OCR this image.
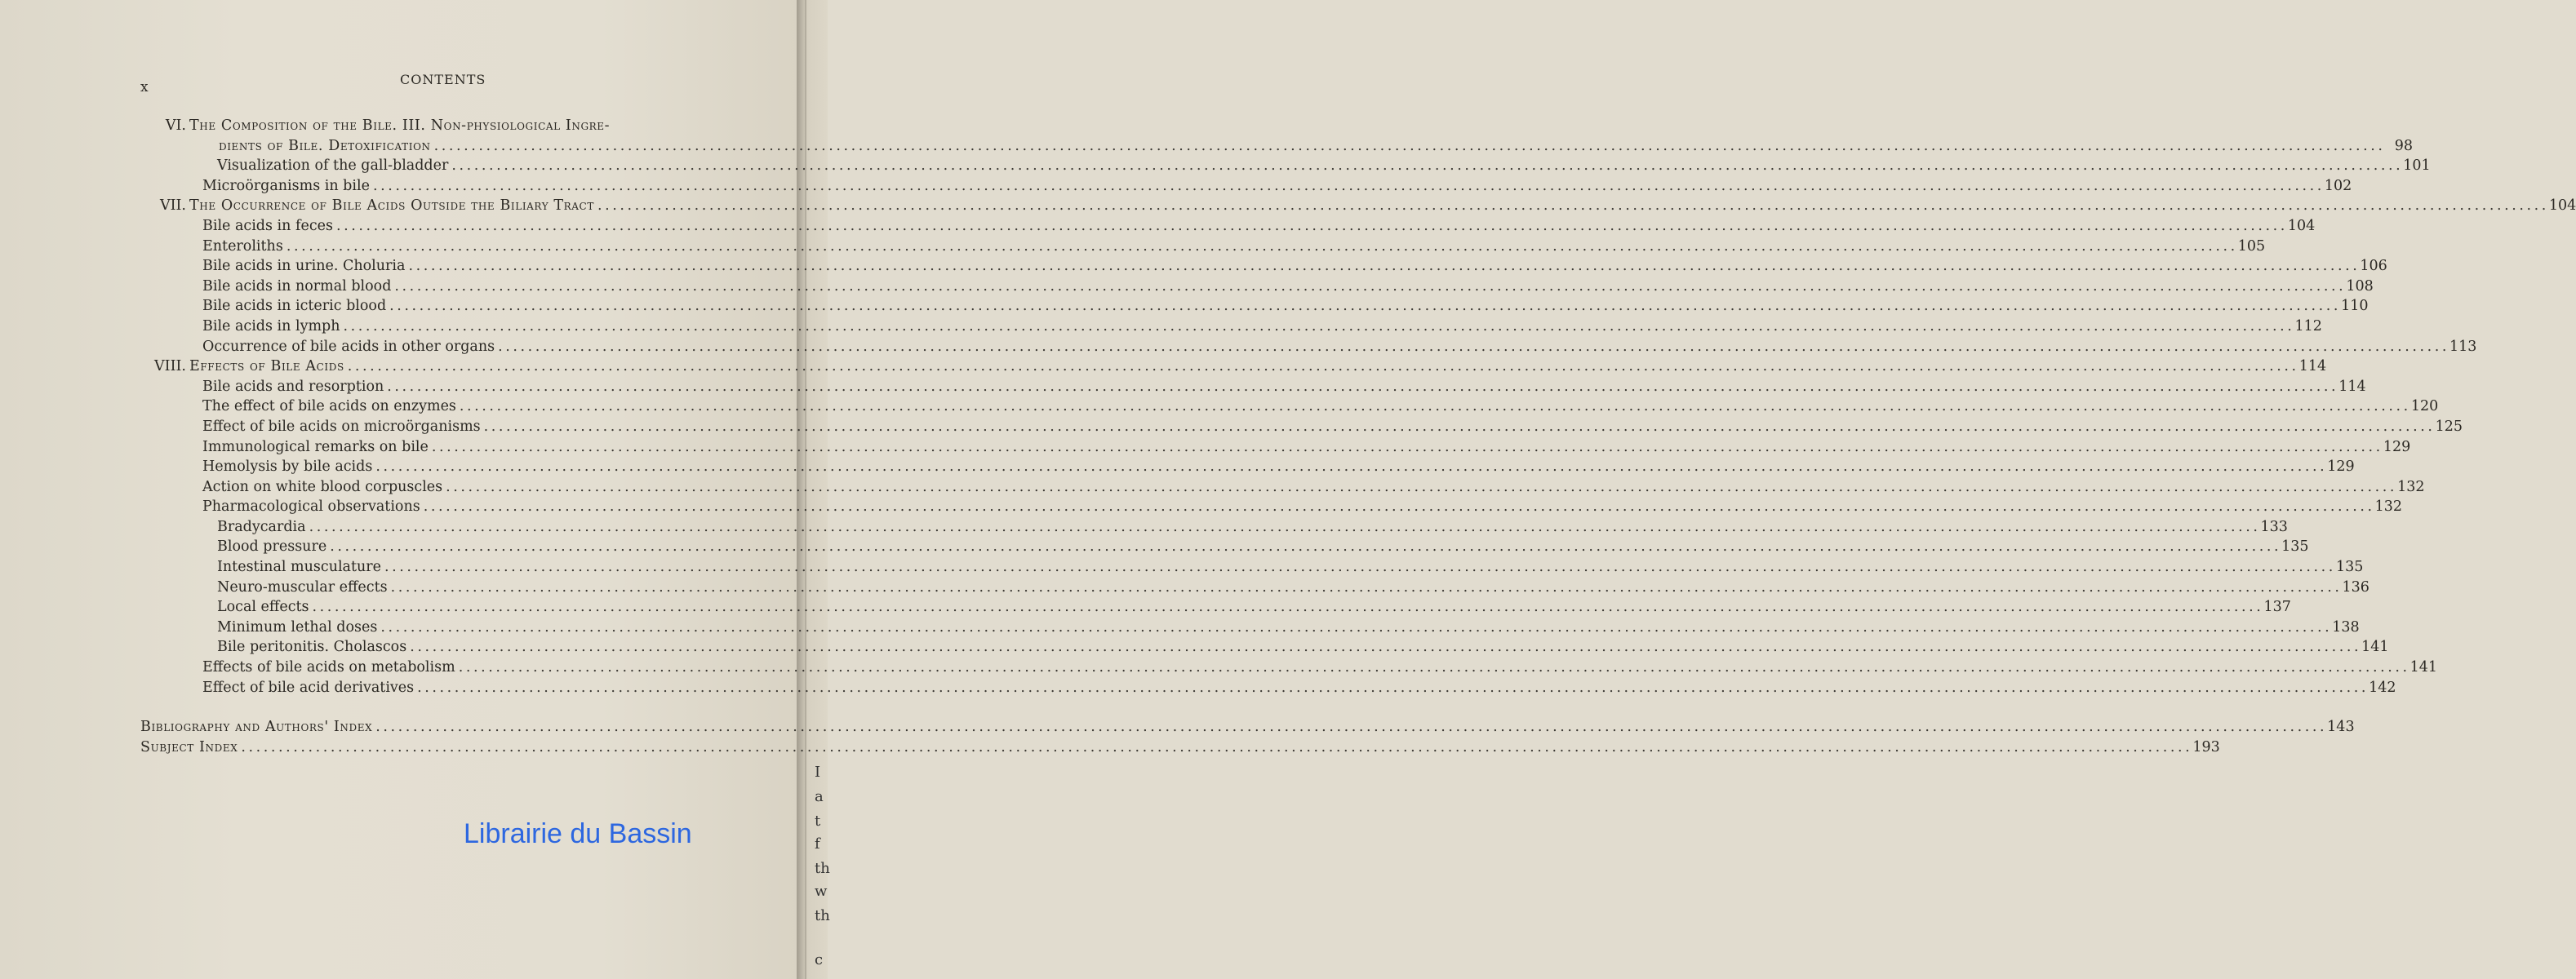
I
a
t
f
th
w
th
c
x	CONTENTS
VI. The Composition of the Bile. III. Non-physiological Ingre-
dients of Bile. Detoxification . . .	98
Visualization of the gall-bladder . . .	101
Microörganisms in bile . . .	102
VII. The Occurrence of Bile Acids Outside the Biliary Tract . . .	104
Bile acids in feces . . .	104
Enteroliths . . .	105
Bile acids in urine. Choluria . . .	106
Bile acids in normal blood . . .	108
Bile acids in icteric blood . . .	110
Bile acids in lymph . . .	112
Occurrence of bile acids in other organs . . .	113
VIII. Effects of Bile Acids . . .	114
Bile acids and resorption . . .	114
The effect of bile acids on enzymes . . .	120
Effect of bile acids on microörganisms . . .	125
Immunological remarks on bile . . .	129
Hemolysis by bile acids . . .	129
Action on white blood corpuscles . . .	132
Pharmacological observations . . .	132
Bradycardia . . .	133
Blood pressure . . .	135
Intestinal musculature . . .	135
Neuro-muscular effects . . .	136
Local effects . . .	137
Minimum lethal doses . . .	138
Bile peritonitis. Cholascos . . .	141
Effects of bile acids on metabolism . . .	141
Effect of bile acid derivatives . . .	142
Bibliography and Authors' Index . . .	143
Subject Index . . .	193
Librairie du Bassin
